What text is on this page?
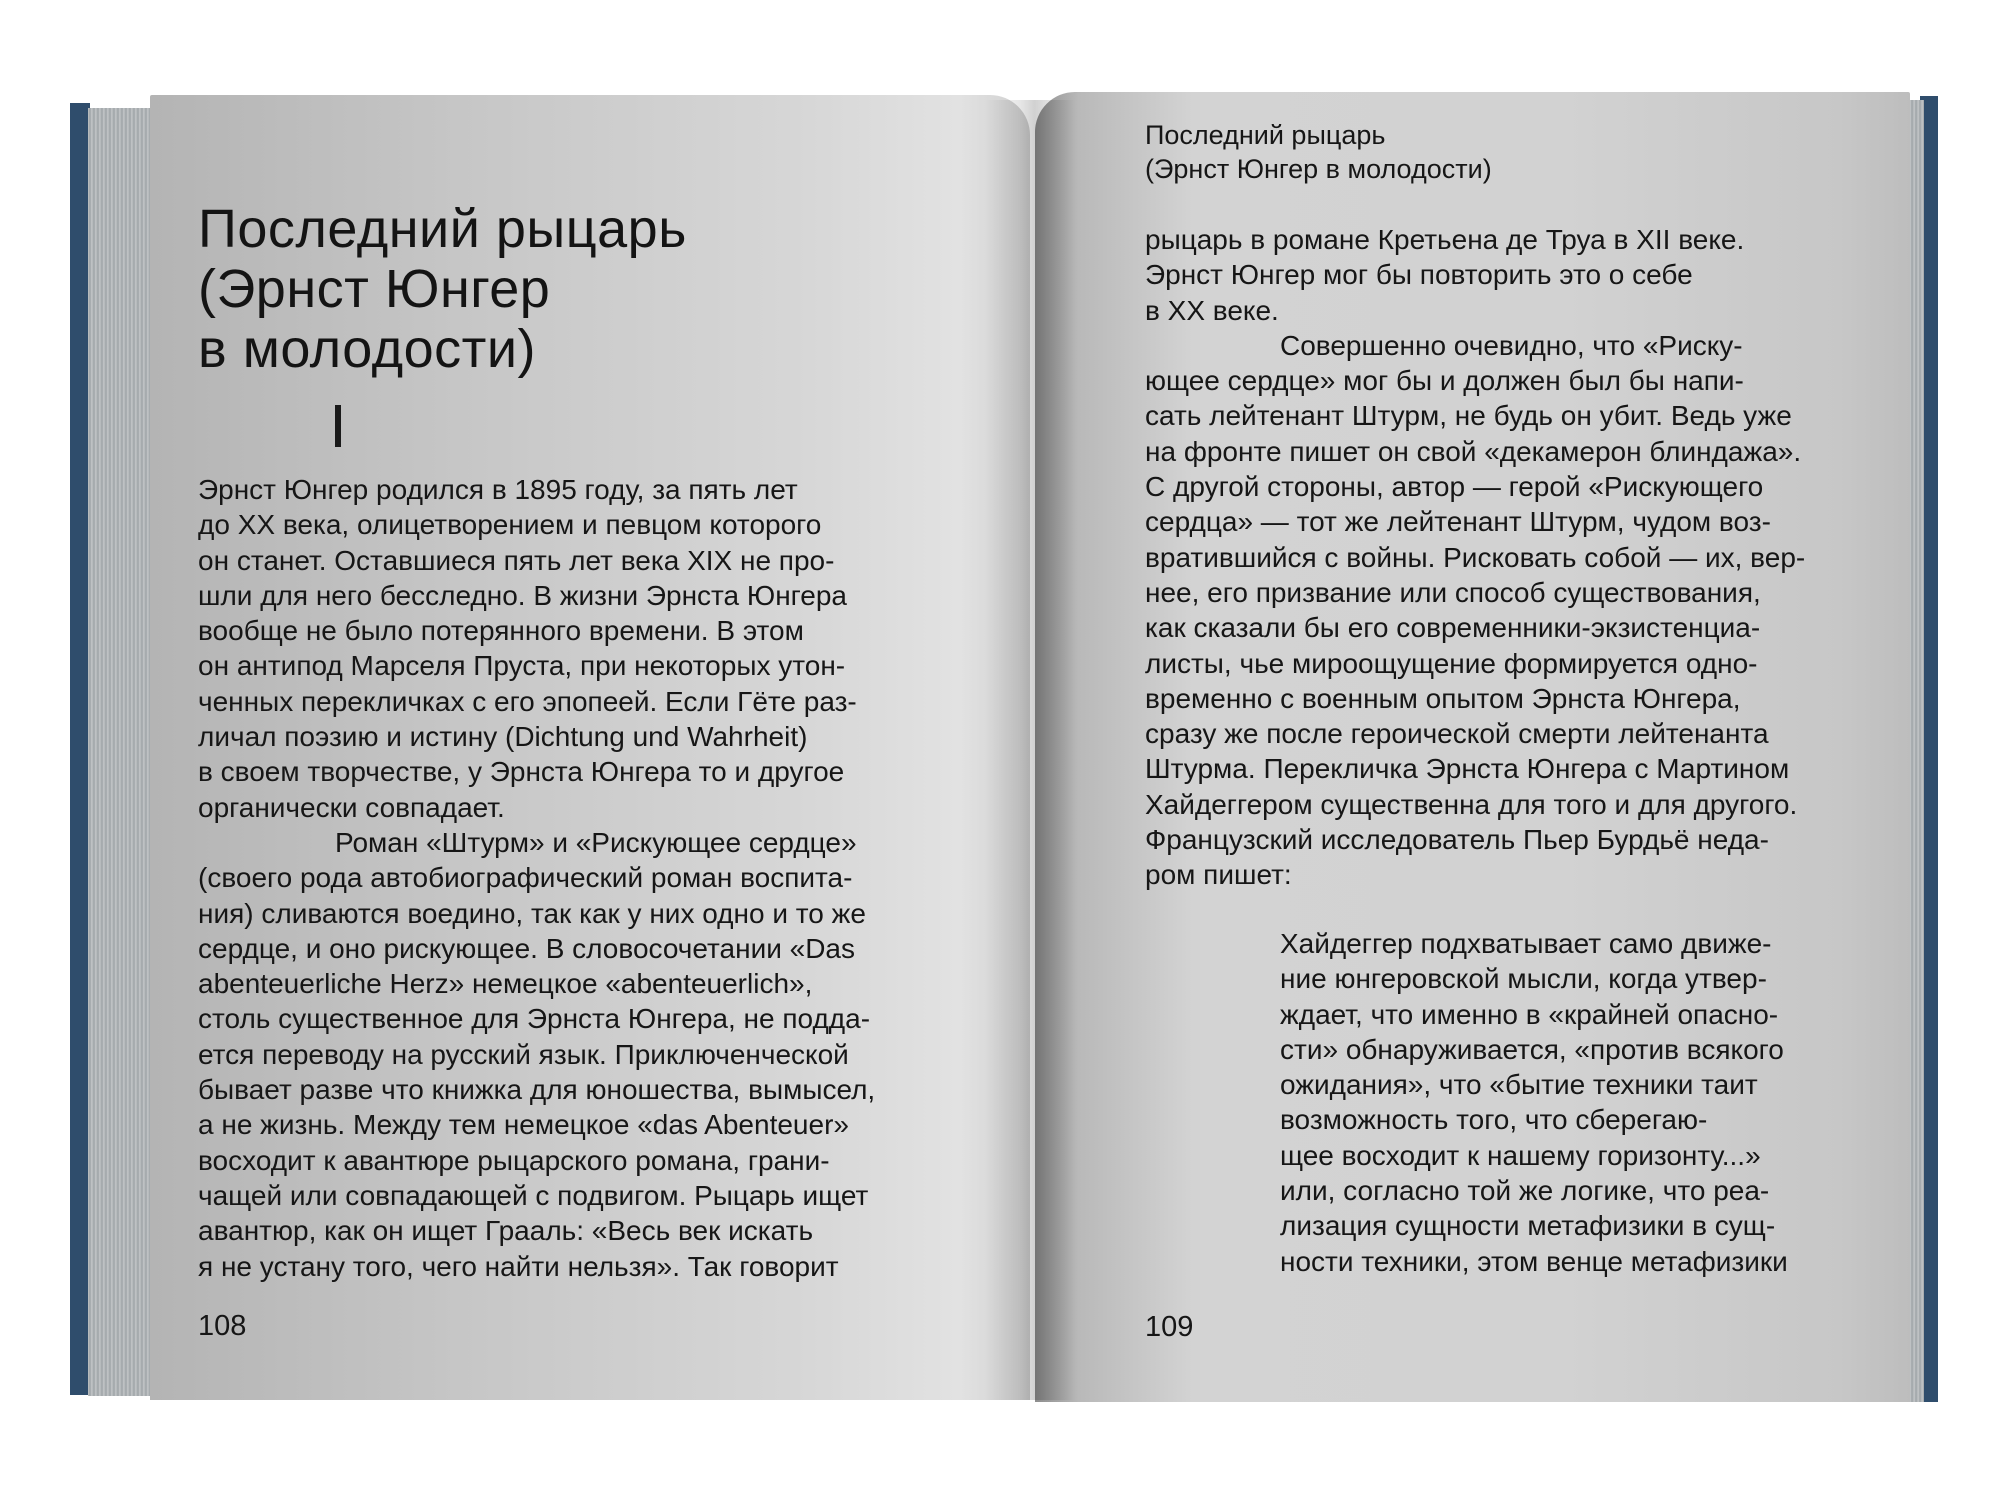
Последний рыцарь
(Эрнст Юнгер
в молодости)
Эрнст Юнгер родился в 1895 году, за пять лет
до XX века, олицетворением и певцом которого
он станет. Оставшиеся пять лет века XIX не про-
шли для него бесследно. В жизни Эрнста Юнгера
вообще не было потерянного времени. В этом
он антипод Марселя Пруста, при некоторых утон-
ченных перекличках с его эпопеей. Если Гёте раз-
личал поэзию и истину (Dichtung und Wahrheit)
в своем творчестве, у Эрнста Юнгера то и другое
органически совпадает.
Роман «Штурм» и «Рискующее сердце»
(своего рода автобиографический роман воспита-
ния) сливаются воедино, так как у них одно и то же
сердце, и оно рискующее. В словосочетании «Das
abenteuerliche Herz» немецкое «abenteuerlich»,
столь существенное для Эрнста Юнгера, не подда-
ется переводу на русский язык. Приключенческой
бывает разве что книжка для юношества, вымысел,
а не жизнь. Между тем немецкое «das Abenteuer»
восходит к авантюре рыцарского романа, грани-
чащей или совпадающей с подвигом. Рыцарь ищет
авантюр, как он ищет Грааль: «Весь век искать
я не устану того, чего найти нельзя». Так говорит
108
Последний рыцарь
(Эрнст Юнгер в молодости)
рыцарь в романе Кретьена де Труа в XII веке.
Эрнст Юнгер мог бы повторить это о себе
в XX веке.
Совершенно очевидно, что «Риску-
ющее сердце» мог бы и должен был бы напи-
сать лейтенант Штурм, не будь он убит. Ведь уже
на фронте пишет он свой «декамерон блиндажа».
С другой стороны, автор — герой «Рискующего
сердца» — тот же лейтенант Штурм, чудом воз-
вратившийся с войны. Рисковать собой — их, вер-
нее, его призвание или способ существования,
как сказали бы его современники-экзистенциа-
листы, чье мироощущение формируется одно-
временно с военным опытом Эрнста Юнгера,
сразу же после героической смерти лейтенанта
Штурма. Перекличка Эрнста Юнгера с Мартином
Хайдеггером существенна для того и для другого.
Французский исследователь Пьер Бурдьё неда-
ром пишет:
Хайдеггер подхватывает само движе-
ние юнгеровской мысли, когда утвер-
ждает, что именно в «крайней опасно-
сти» обнаруживается, «против всякого
ожидания», что «бытие техники таит
возможность того, что сберегаю-
щее восходит к нашему горизонту...»
или, согласно той же логике, что реа-
лизация сущности метафизики в сущ-
ности техники, этом венце метафизики
109
